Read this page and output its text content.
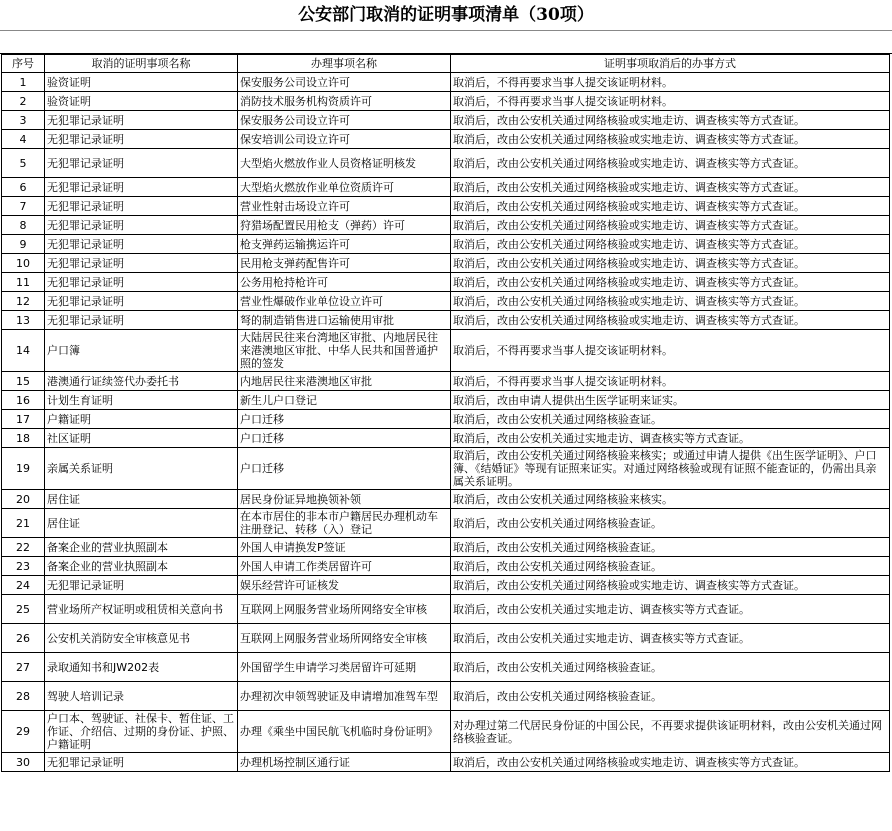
公安部门取消的证明事项清单（30项）
序号	取消的证明事项名称	办理事项名称	证明事项取消后的办事方式
1	验资证明	保安服务公司设立许可	取消后，不得再要求当事人提交该证明材料。
2	验资证明	消防技术服务机构资质许可	取消后，不得再要求当事人提交该证明材料。
3	无犯罪记录证明	保安服务公司设立许可	取消后，改由公安机关通过网络核验或实地走访、调查核实等方式查证。
4	无犯罪记录证明	保安培训公司设立许可	取消后，改由公安机关通过网络核验或实地走访、调查核实等方式查证。
5	无犯罪记录证明	大型焰火燃放作业人员资格证明核发	取消后，改由公安机关通过网络核验或实地走访、调查核实等方式查证。
6	无犯罪记录证明	大型焰火燃放作业单位资质许可	取消后，改由公安机关通过网络核验或实地走访、调查核实等方式查证。
7	无犯罪记录证明	营业性射击场设立许可	取消后，改由公安机关通过网络核验或实地走访、调查核实等方式查证。
8	无犯罪记录证明	狩猎场配置民用枪支（弹药）许可	取消后，改由公安机关通过网络核验或实地走访、调查核实等方式查证。
9	无犯罪记录证明	枪支弹药运输携运许可	取消后，改由公安机关通过网络核验或实地走访、调查核实等方式查证。
10	无犯罪记录证明	民用枪支弹药配售许可	取消后，改由公安机关通过网络核验或实地走访、调查核实等方式查证。
11	无犯罪记录证明	公务用枪持枪许可	取消后，改由公安机关通过网络核验或实地走访、调查核实等方式查证。
12	无犯罪记录证明	营业性爆破作业单位设立许可	取消后，改由公安机关通过网络核验或实地走访、调查核实等方式查证。
13	无犯罪记录证明	弩的制造销售进口运输使用审批	取消后，改由公安机关通过网络核验或实地走访、调查核实等方式查证。
14	户口簿	大陆居民往来台湾地区审批、内地居民往来港澳地区审批、中华人民共和国普通护照的签发	取消后，不得再要求当事人提交该证明材料。
15	港澳通行证续签代办委托书	内地居民往来港澳地区审批	取消后，不得再要求当事人提交该证明材料。
16	计划生育证明	新生儿户口登记	取消后，改由申请人提供出生医学证明来证实。
17	户籍证明	户口迁移	取消后，改由公安机关通过网络核验查证。
18	社区证明	户口迁移	取消后，改由公安机关通过实地走访、调查核实等方式查证。
19	亲属关系证明	户口迁移	取消后，改由公安机关通过网络核验来核实；或通过申请人提供《出生医学证明》、户口簿、《结婚证》等现有证照来证实。对通过网络核验或现有证照不能查证的，仍需出具亲属关系证明。
20	居住证	居民身份证异地换领补领	取消后，改由公安机关通过网络核验来核实。
21	居住证	在本市居住的非本市户籍居民办理机动车注册登记、转移（入）登记	取消后，改由公安机关通过网络核验查证。
22	备案企业的营业执照副本	外国人申请换发P签证	取消后，改由公安机关通过网络核验查证。
23	备案企业的营业执照副本	外国人申请工作类居留许可	取消后，改由公安机关通过网络核验查证。
24	无犯罪记录证明	娱乐经营许可证核发	取消后，改由公安机关通过网络核验或实地走访、调查核实等方式查证。
25	营业场所产权证明或租赁相关意向书	互联网上网服务营业场所网络安全审核	取消后，改由公安机关通过实地走访、调查核实等方式查证。
26	公安机关消防安全审核意见书	互联网上网服务营业场所网络安全审核	取消后，改由公安机关通过实地走访、调查核实等方式查证。
27	录取通知书和JW202表	外国留学生申请学习类居留许可延期	取消后，改由公安机关通过网络核验查证。
28	驾驶人培训记录	办理初次申领驾驶证及申请增加准驾车型	取消后，改由公安机关通过网络核验查证。
29	户口本、驾驶证、社保卡、暂住证、工作证、介绍信、过期的身份证、护照、户籍证明	办理《乘坐中国民航飞机临时身份证明》	对办理过第二代居民身份证的中国公民，不再要求提供该证明材料，改由公安机关通过网络核验查证。
30	无犯罪记录证明	办理机场控制区通行证	取消后，改由公安机关通过网络核验或实地走访、调查核实等方式查证。
